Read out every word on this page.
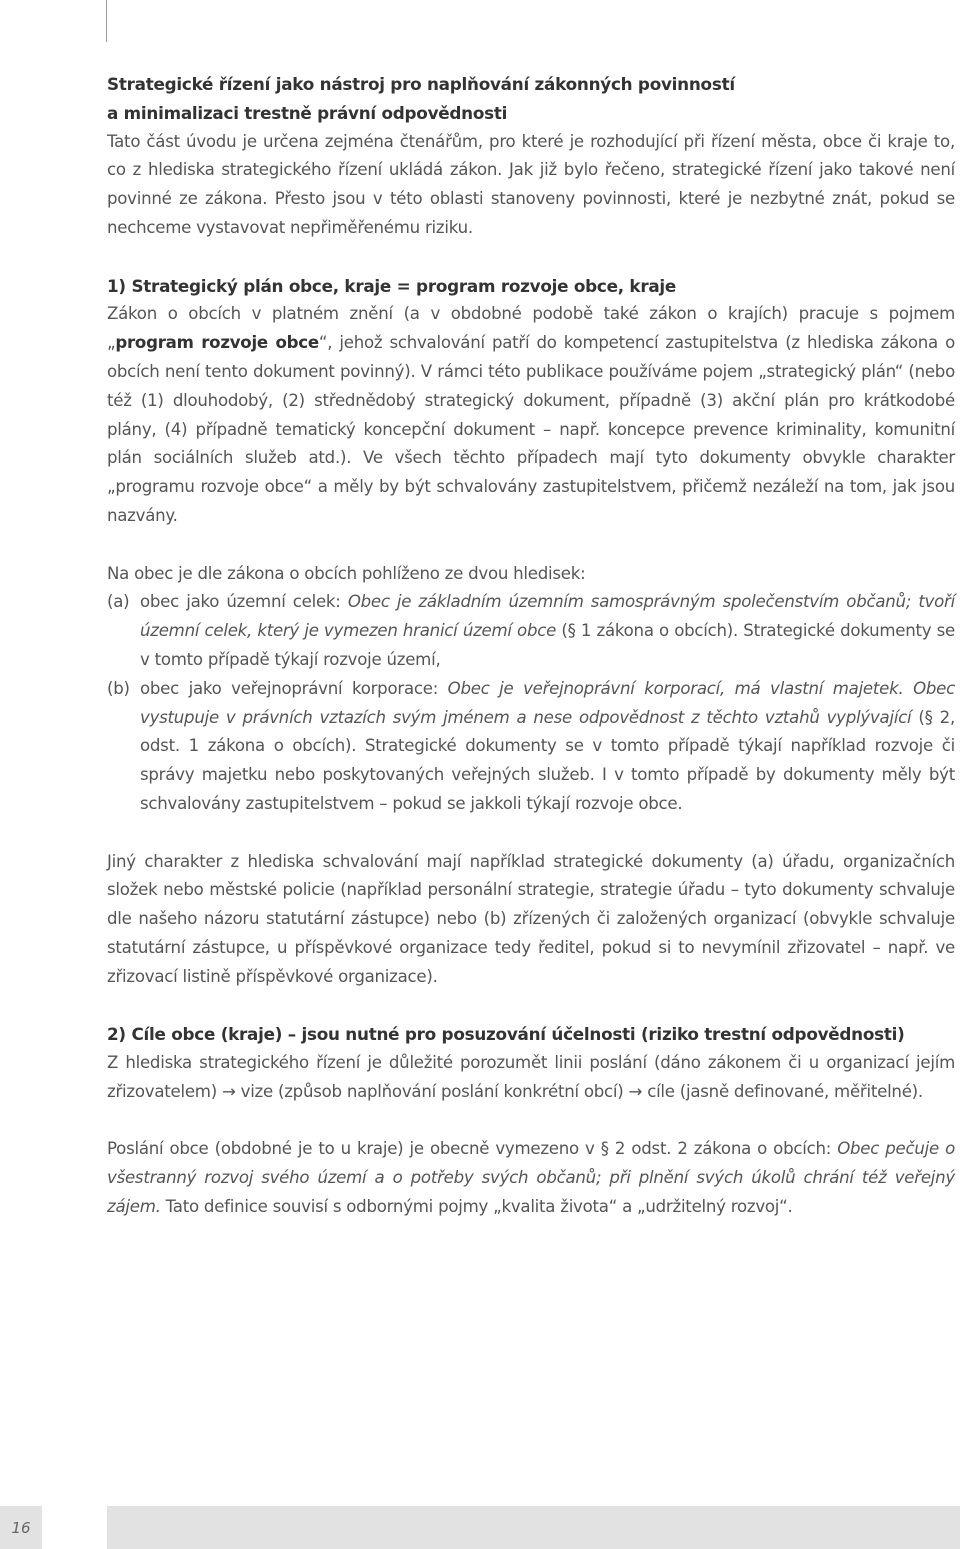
Strategické řízení jako nástroj pro naplňování zákonných povinností
a minimalizaci trestně právní odpovědnosti

Tato část úvodu je určena zejména čtenářům, pro které je rozhodující při řízení města, obce či kraje to, co z hlediska strategického řízení ukládá zákon. Jak již bylo řečeno, strategické řízení jako takové není povinné ze zákona. Přesto jsou v této oblasti stanoveny povinnosti, které je nezbytné znát, pokud se nechceme vystavovat nepřiměřenému riziku.

1) Strategický plán obce, kraje = program rozvoje obce, kraje

Zákon o obcích v platném znění (a v obdobné podobě také zákon o krajích) pracuje s pojmem „program rozvoje obce“, jehož schvalování patří do kompetencí zastupitelstva (z hlediska zákona o obcích není tento dokument povinný). V rámci této publikace používáme pojem „strategický plán“ (nebo též (1) dlouhodobý, (2) střednědobý strategický dokument, případně (3) akční plán pro krátkodobé plány, (4) případně tematický koncepční dokument – např. koncepce prevence kriminality, komunitní plán sociálních služeb atd.). Ve všech těchto případech mají tyto dokumenty obvykle charakter „programu rozvoje obce“ a měly by být schvalovány zastupitelstvem, přičemž nezáleží na tom, jak jsou nazvány.

Na obec je dle zákona o obcích pohlíženo ze dvou hledisek:

(a) obec jako územní celek: Obec je základním územním samosprávným společenstvím občanů; tvoří územní celek, který je vymezen hranicí území obce (§ 1 zákona o obcích). Strategické dokumenty se v tomto případě týkají rozvoje území,
(b) obec jako veřejnoprávní korporace: Obec je veřejnoprávní korporací, má vlastní majetek. Obec vystupuje v právních vztazích svým jménem a nese odpovědnost z těchto vztahů vyplývající (§ 2, odst. 1 zákona o obcích). Strategické dokumenty se v tomto případě týkají například rozvoje či správy majetku nebo poskytovaných veřejných služeb. I v tomto případě by dokumenty měly být schvalovány zastupitelstvem – pokud se jakkoli týkají rozvoje obce.

Jiný charakter z hlediska schvalování mají například strategické dokumenty (a) úřadu, organizačních složek nebo městské policie (například personální strategie, strategie úřadu – tyto dokumenty schvaluje dle našeho názoru statutární zástupce) nebo (b) zřízených či založených organizací (obvykle schvaluje statutární zástupce, u příspěvkové organizace tedy ředitel, pokud si to nevymínil zřizovatel – např. ve zřizovací listině příspěvkové organizace).

2) Cíle obce (kraje) – jsou nutné pro posuzování účelnosti (riziko trestní odpovědnosti)

Z hlediska strategického řízení je důležité porozumět linii poslání (dáno zákonem či u organizací jejím zřizovatelem) → vize (způsob naplňování poslání konkrétní obcí) → cíle (jasně definované, měřitelné).

Poslání obce (obdobné je to u kraje) je obecně vymezeno v § 2 odst. 2 zákona o obcích: Obec pečuje o všestranný rozvoj svého území a o potřeby svých občanů; při plnění svých úkolů chrání též veřejný zájem. Tato definice souvisí s odbornými pojmy „kvalita života“ a „udržitelný rozvoj“.

16
